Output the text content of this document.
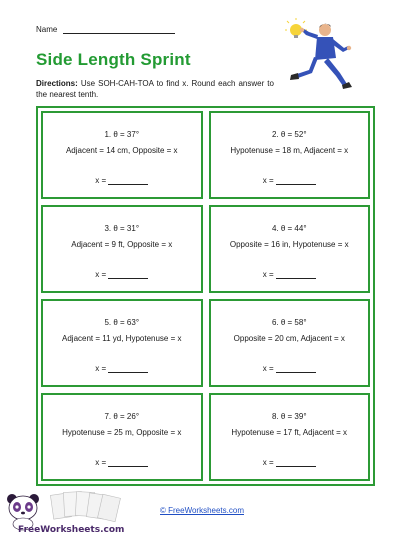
Name
Side Length Sprint
Directions: Use SOH-CAH-TOA to find x. Round each answer to the nearest tenth.
1. θ = 37°
Adjacent = 14 cm, Opposite = x
x =
2. θ = 52°
Hypotenuse = 18 m, Adjacent = x
x =
3. θ = 31°
Adjacent = 9 ft, Opposite = x
x =
4. θ = 44°
Opposite = 16 in, Hypotenuse = x
x =
5. θ = 63°
Adjacent = 11 yd, Hypotenuse = x
x =
6. θ = 58°
Opposite = 20 cm, Adjacent = x
x =
7. θ = 26°
Hypotenuse = 25 m, Opposite = x
x =
8. θ = 39°
Hypotenuse = 17 ft, Adjacent = x
x =
FreeWorksheets.com
© FreeWorksheets.com
